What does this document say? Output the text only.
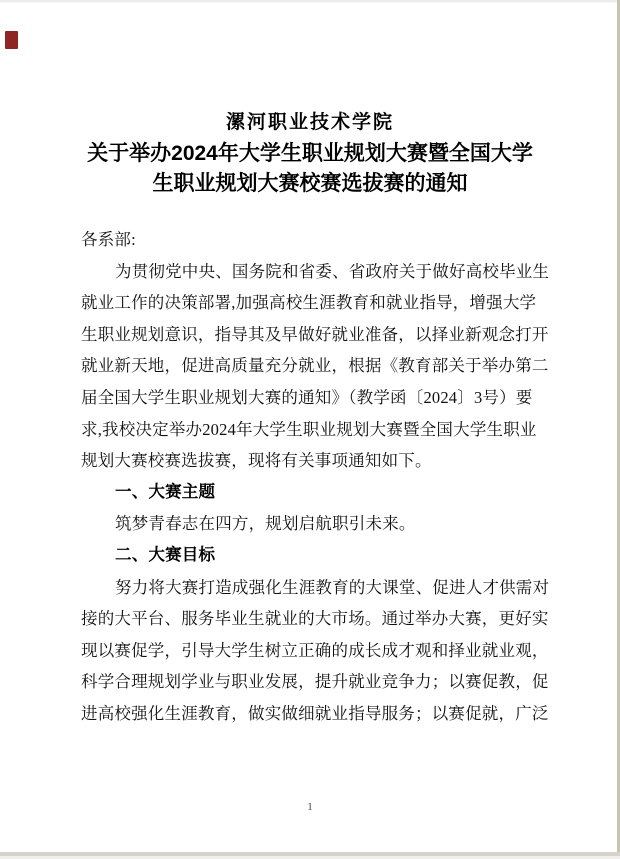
漯河职业技术学院
关于举办2024年大学生职业规划大赛暨全国大学
生职业规划大赛校赛选拔赛的通知
各系部:
为贯彻党中央、国务院和省委、省政府关于做好高校毕业生
就业工作的决策部署,加强高校生涯教育和就业指导，增强大学
生职业规划意识，指导其及早做好就业准备，以择业新观念打开
就业新天地，促进高质量充分就业，根据《教育部关于举办第二
届全国大学生职业规划大赛的通知》（教学函〔2024〕3号）要
求,我校决定举办2024年大学生职业规划大赛暨全国大学生职业
规划大赛校赛选拔赛，现将有关事项通知如下。
一、大赛主题
筑梦青春志在四方，规划启航职引未来。
二、大赛目标
努力将大赛打造成强化生涯教育的大课堂、促进人才供需对
接的大平台、服务毕业生就业的大市场。通过举办大赛，更好实
现以赛促学，引导大学生树立正确的成长成才观和择业就业观，
科学合理规划学业与职业发展，提升就业竞争力；以赛促教，促
进高校强化生涯教育，做实做细就业指导服务；以赛促就，广泛
1
